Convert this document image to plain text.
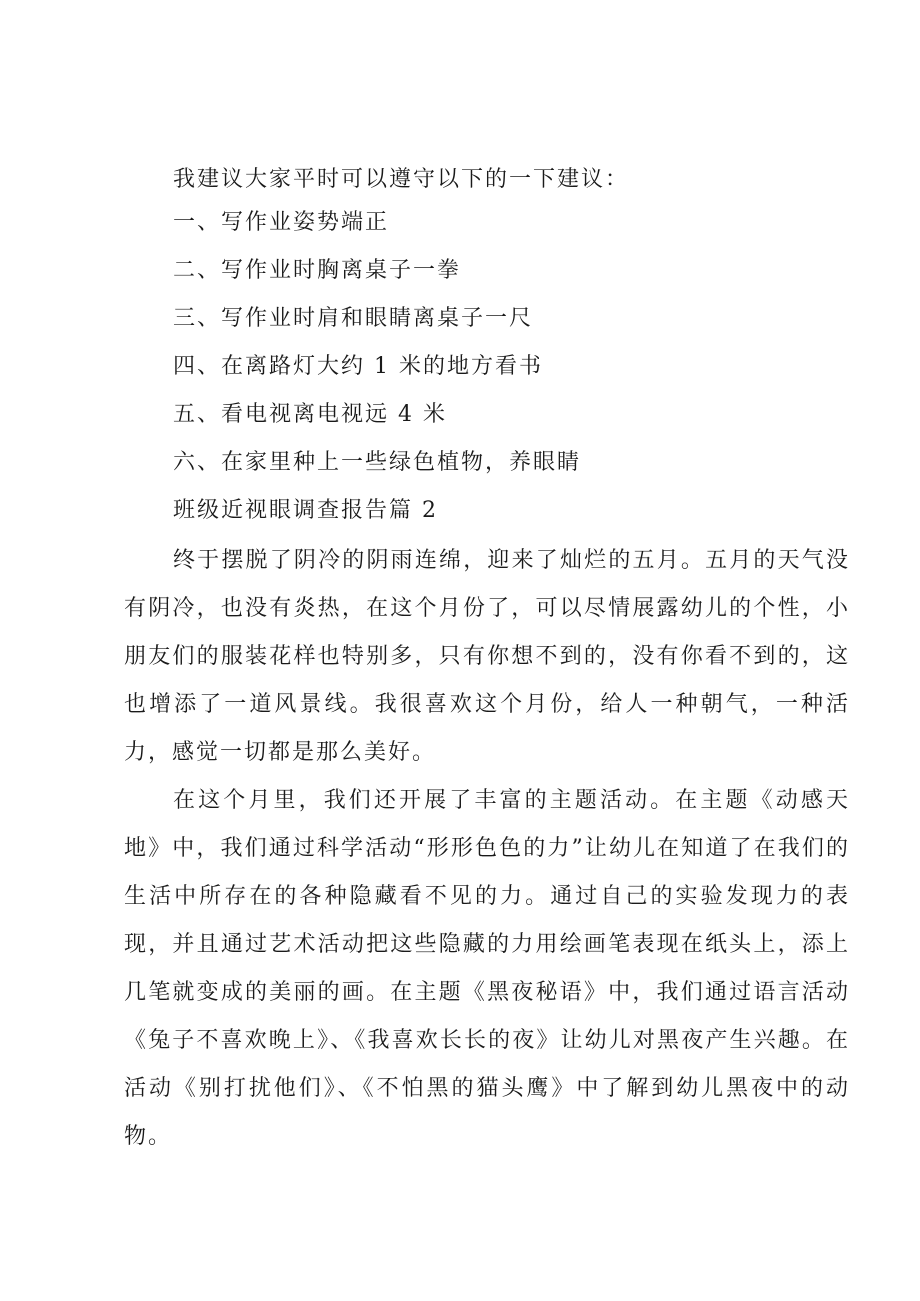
我建议大家平时可以遵守以下的一下建议：
一、写作业姿势端正
二、写作业时胸离桌子一拳
三、写作业时肩和眼睛离桌子一尺
四、在离路灯大约 1 米的地方看书
五、看电视离电视远 4 米
六、在家里种上一些绿色植物，养眼睛
班级近视眼调查报告篇 2

终于摆脱了阴冷的阴雨连绵，迎来了灿烂的五月。五月的天气没有阴冷，也没有炎热，在这个月份了，可以尽情展露幼儿的个性，小朋友们的服装花样也特别多，只有你想不到的，没有你看不到的，这也增添了一道风景线。我很喜欢这个月份，给人一种朝气，一种活力，感觉一切都是那么美好。

在这个月里，我们还开展了丰富的主题活动。在主题《动感天地》中，我们通过科学活动“形形色色的力”让幼儿在知道了在我们的生活中所存在的各种隐藏看不见的力。通过自己的实验发现力的表现，并且通过艺术活动把这些隐藏的力用绘画笔表现在纸头上，添上几笔就变成的美丽的画。在主题《黑夜秘语》中，我们通过语言活动《兔子不喜欢晚上》、《我喜欢长长的夜》让幼儿对黑夜产生兴趣。在活动《别打扰他们》、《不怕黑的猫头鹰》中了解到幼儿黑夜中的动物。
